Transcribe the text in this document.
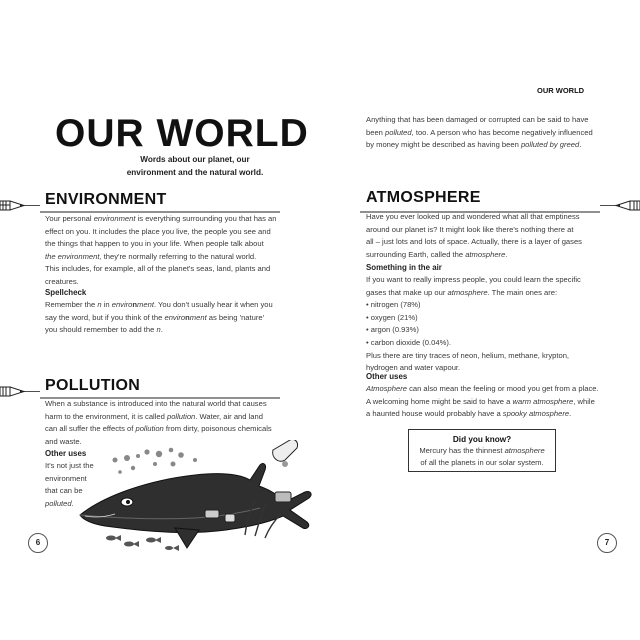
OUR WORLD
Words about our planet, our
environment and the natural world.
ENVIRONMENT
Your personal environment is everything surrounding you that has an
effect on you. It includes the place you live, the people you see and
the things that happen to you in your life. When people talk about
the environment, they're normally referring to the natural world.
This includes, for example, all of the planet's seas, land, plants and
creatures.
Spellcheck
Remember the n in environment. You don't usually hear it when you
say the word, but if you think of the environment as being 'nature'
you should remember to add the n.
POLLUTION
When a substance is introduced into the natural world that causes
harm to the environment, it is called pollution. Water, air and land
can all suffer the effects of pollution from dirty, poisonous chemicals
and waste.
Other uses
It's not just the
environment
that can be
polluted.
6
OUR WORLD
Anything that has been damaged or corrupted can be said to have
been polluted, too. A person who has become negatively influenced
by money might be described as having been polluted by greed.
ATMOSPHERE
Have you ever looked up and wondered what all that emptiness
around our planet is? It might look like there's nothing there at
all – just lots and lots of space. Actually, there is a layer of gases
surrounding Earth, called the atmosphere.
Something in the air
If you want to really impress people, you could learn the specific
gases that make up our atmosphere. The main ones are:
• nitrogen (78%)
• oxygen (21%)
• argon (0.93%)
• carbon dioxide (0.04%).
Plus there are tiny traces of neon, helium, methane, krypton,
hydrogen and water vapour.
Other uses
Atmosphere can also mean the feeling or mood you get from a place.
A welcoming home might be said to have a warm atmosphere, while
a haunted house would probably have a spooky atmosphere.
Did you know?
Mercury has the thinnest atmosphere
of all the planets in our solar system.
7
